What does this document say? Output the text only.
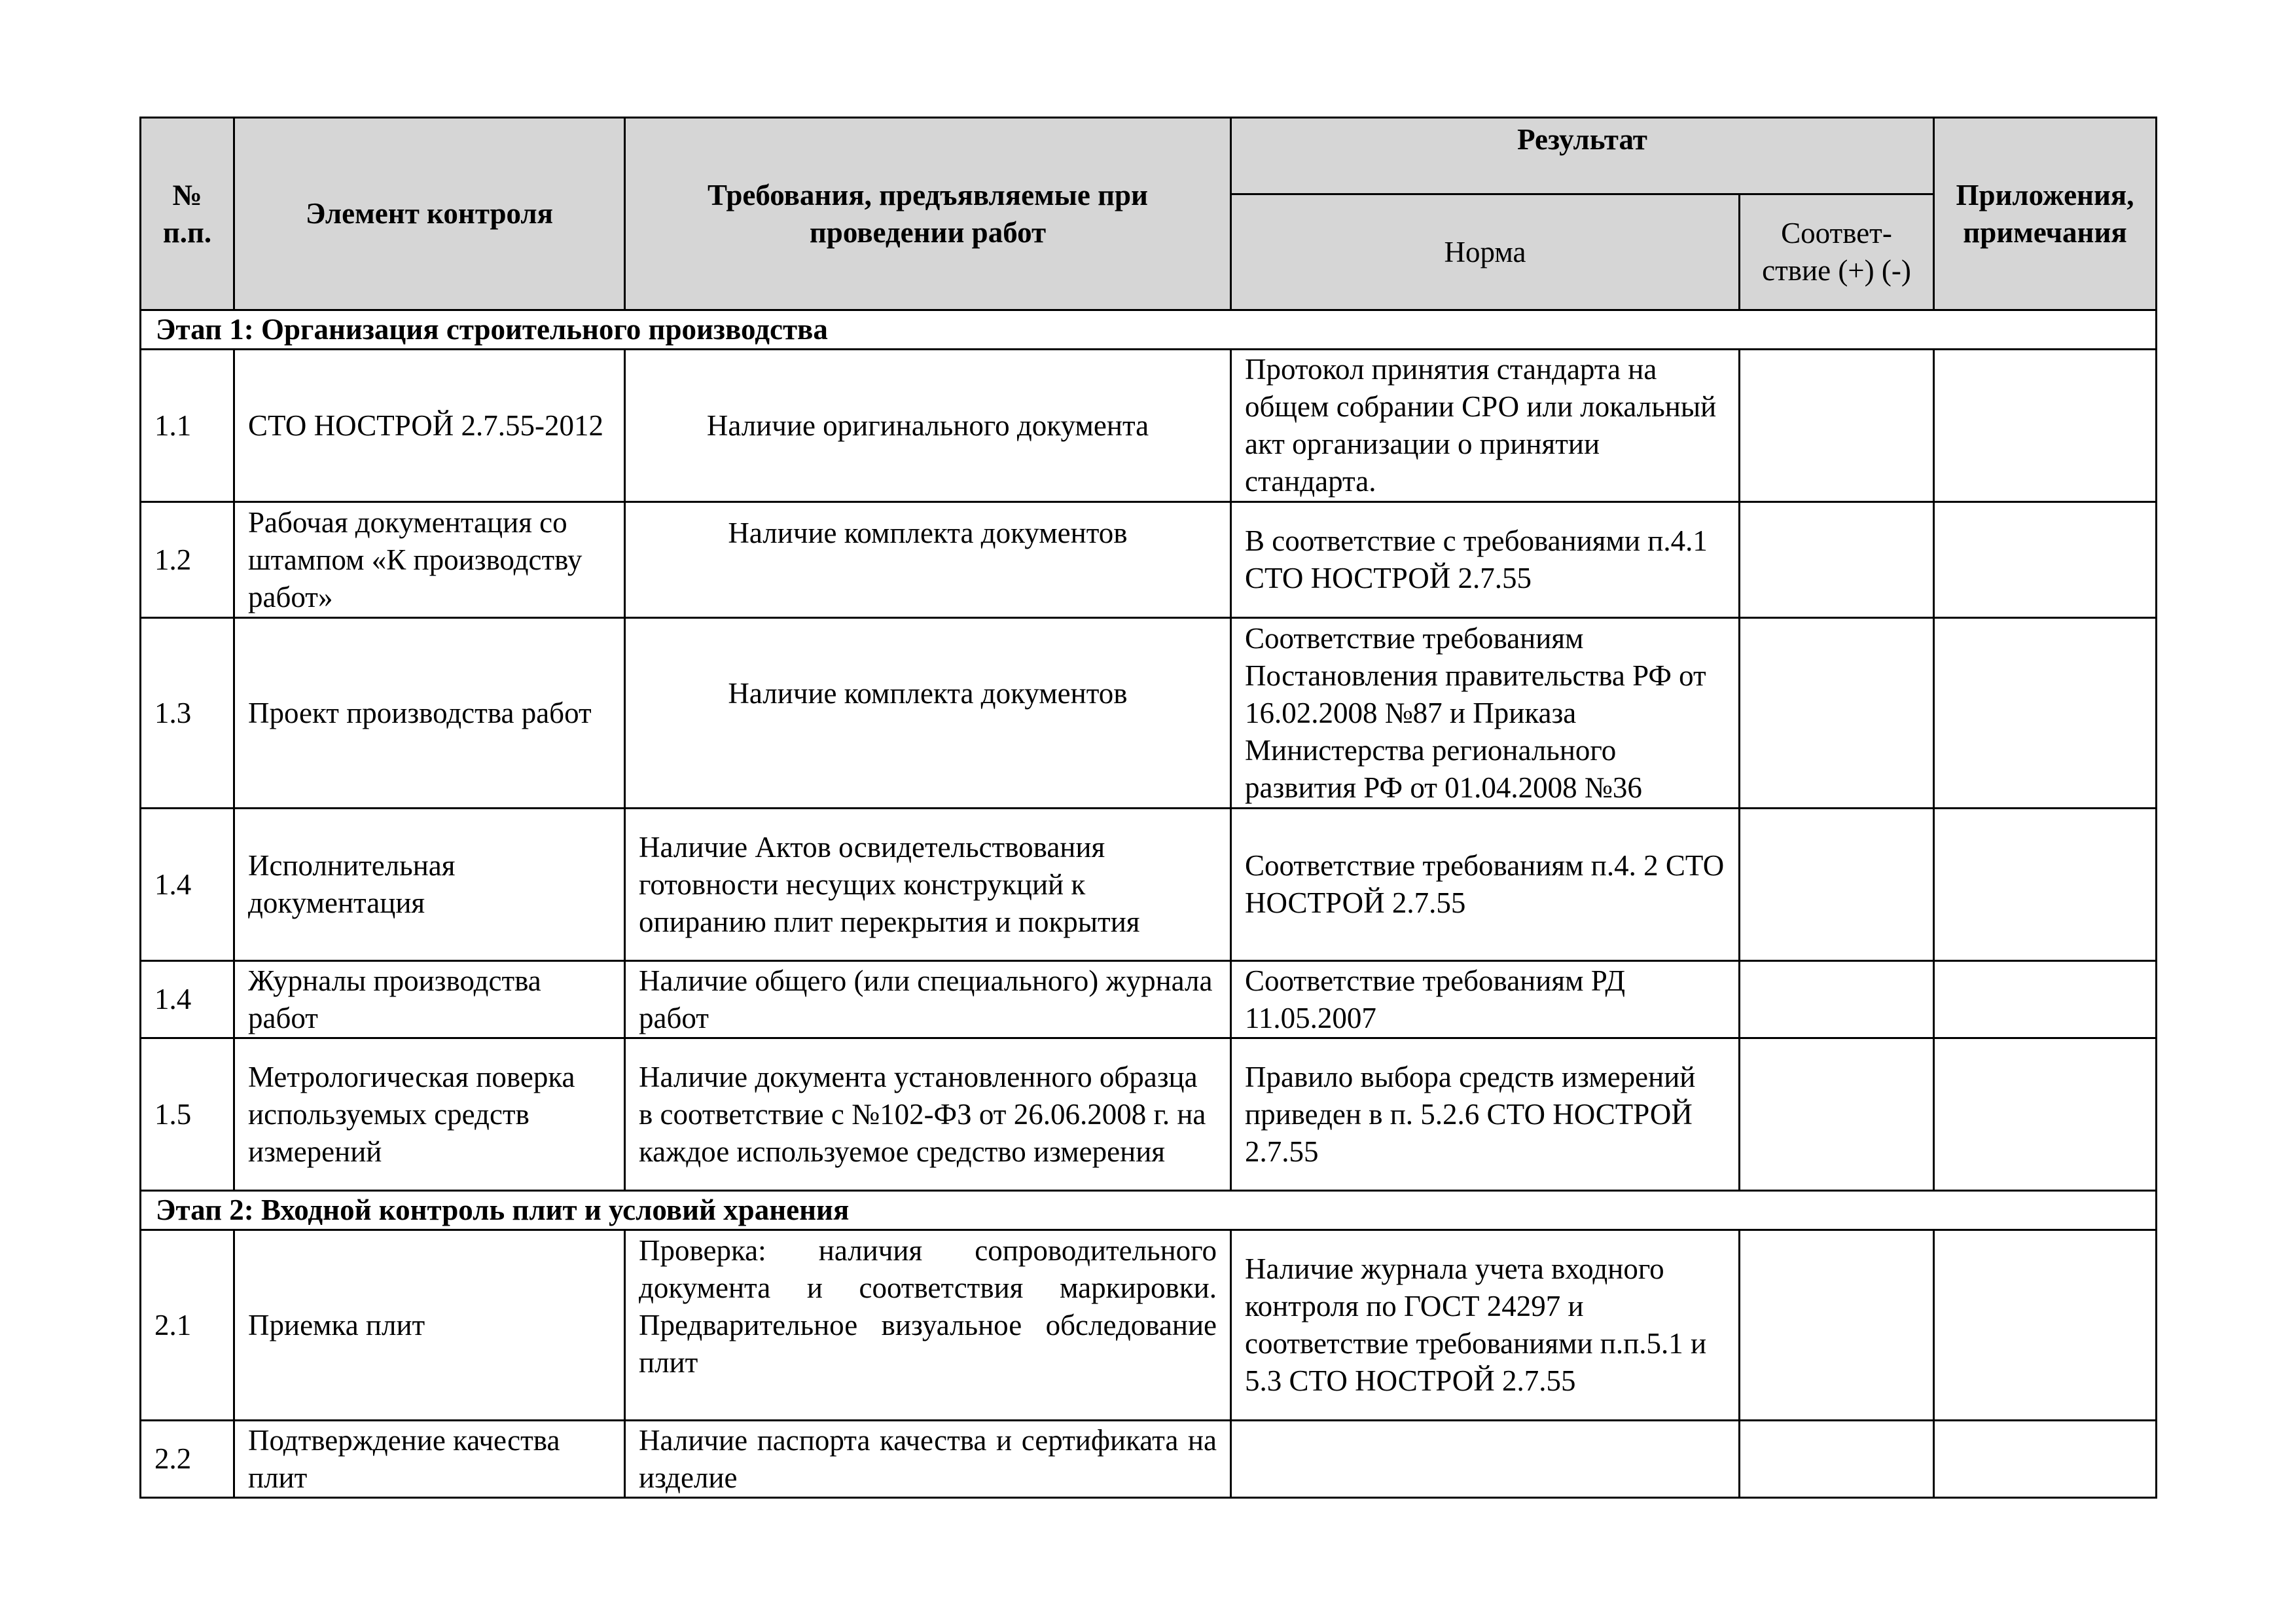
№ п.п.	Элемент контроля	Требования, предъявляемые при проведении работ	Результат		Приложения, примечания
			Норма	Соответ- ствие (+) (-)	
Этап 1: Организация строительного производства					
1.1	СТО НОСТРОЙ 2.7.55-2012	Наличие оригинального документа	Протокол принятия стандарта на общем собрании СРО или локальный акт организации о принятии стандарта.		
1.2	Рабочая документация со штампом «К производству работ»	Наличие комплекта документов	В соответствие с требованиями п.4.1 СТО НОСТРОЙ 2.7.55		
1.3	Проект производства работ	Наличие комплекта документов	Соответствие требованиям Постановления правительства РФ от 16.02.2008 №87 и Приказа Министерства регионального развития РФ от 01.04.2008 №36		
1.4	Исполнительная документация	Наличие Актов освидетельствования готовности несущих конструкций к опиранию плит перекрытия и покрытия	Соответствие требованиям п.4. 2 СТО НОСТРОЙ 2.7.55		
1.4	Журналы производства работ	Наличие общего (или специального) журнала работ	Соответствие требованиям РД 11.05.2007		
1.5	Метрологическая поверка используемых средств измерений	Наличие документа установленного образца в соответствие с №102-ФЗ от 26.06.2008 г. на каждое используемое средство измерения	Правило выбора средств измерений приведен в п. 5.2.6 СТО НОСТРОЙ 2.7.55		
Этап 2: Входной контроль плит и условий хранения					
2.1	Приемка плит	Проверка: наличия сопроводительного документа и соответствия маркировки. Предварительное визуальное обследование плит	Наличие журнала учета входного контроля по ГОСТ 24297 и соответствие требованиями п.п.5.1 и 5.3 СТО НОСТРОЙ 2.7.55		
2.2	Подтверждение качества плит	Наличие паспорта качества и сертификата на изделие			
